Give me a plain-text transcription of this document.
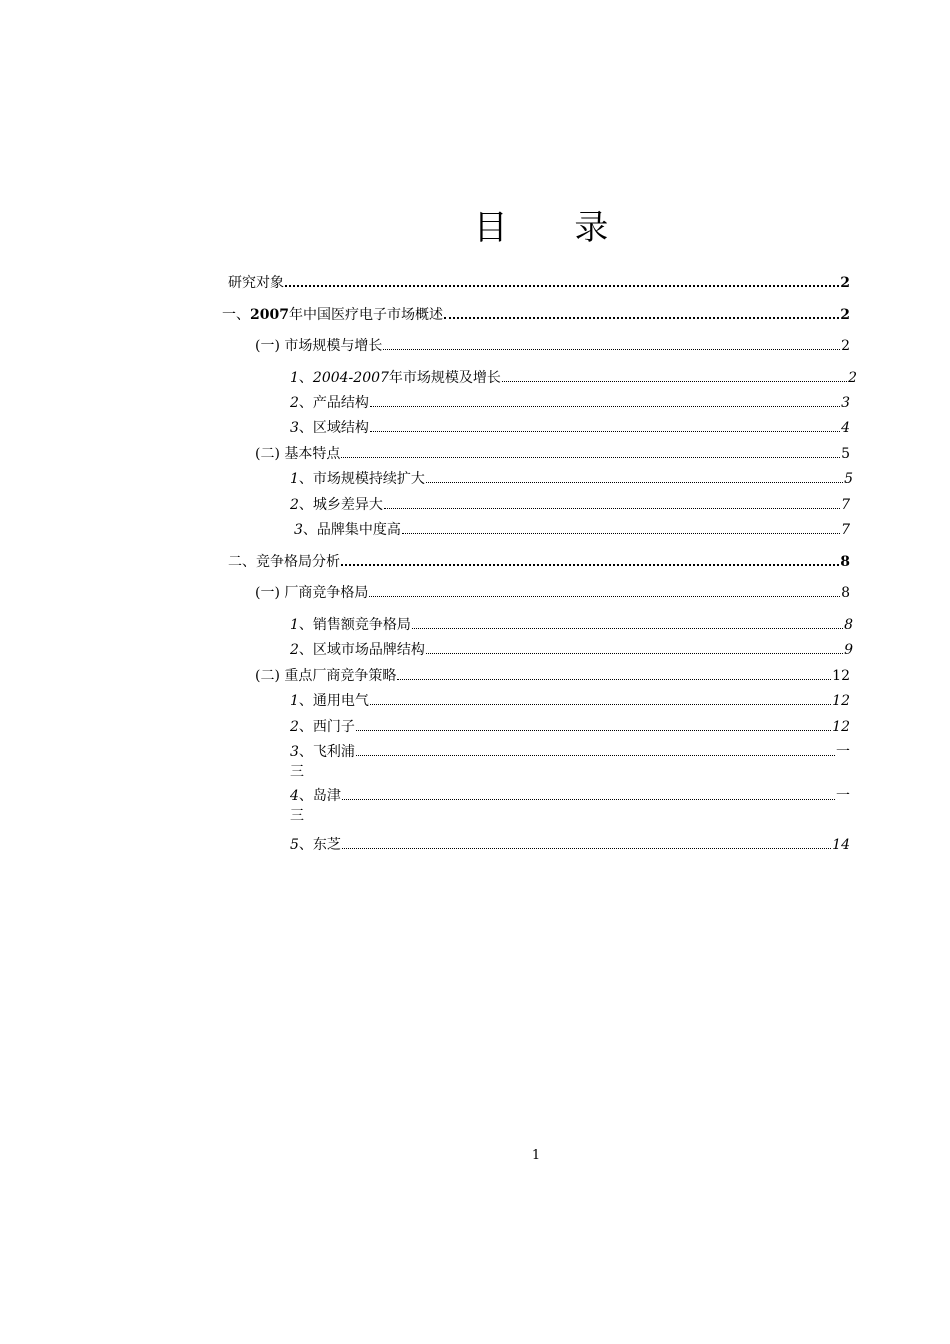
目 录
研究对象	2
一、2007年中国医疗电子市场概述	2
(一) 市场规模与增长	2
1、2004-2007年市场规模及增长	2
2、产品结构	3
3、区域结构	4
(二) 基本特点	5
1、市场规模持续扩大	5
2、城乡差异大	7
3、品牌集中度高	7
二、竞争格局分析	8
(一) 厂商竞争格局	8
1、销售额竞争格局	8
2、区域市场品牌结构	9
(二) 重点厂商竞争策略	12
1、通用电气	12
2、西门子	12
3、飞利浦	一
三
4、岛津	一
三
5、东芝	14
1
